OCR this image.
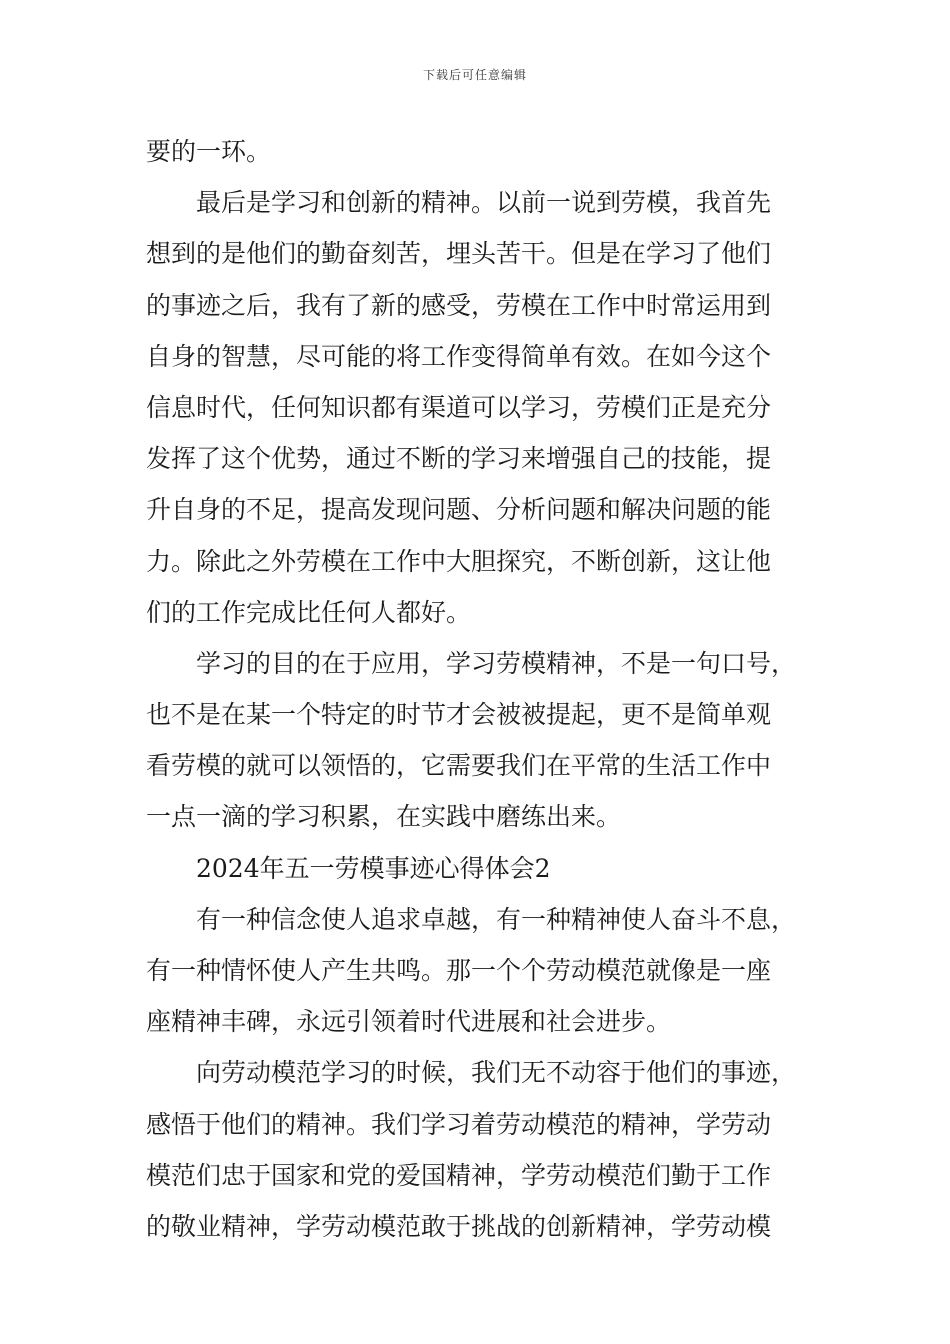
下载后可任意编辑
要的一环。
最后是学习和创新的精神。以前一说到劳模，我首先
想到的是他们的勤奋刻苦，埋头苦干。但是在学习了他们
的事迹之后，我有了新的感受，劳模在工作中时常运用到
自身的智慧，尽可能的将工作变得简单有效。在如今这个
信息时代，任何知识都有渠道可以学习，劳模们正是充分
发挥了这个优势，通过不断的学习来增强自己的技能，提
升自身的不足，提高发现问题、分析问题和解决问题的能
力。除此之外劳模在工作中大胆探究，不断创新，这让他
们的工作完成比任何人都好。
学习的目的在于应用，学习劳模精神，不是一句口号，
也不是在某一个特定的时节才会被被提起，更不是简单观
看劳模的就可以领悟的，它需要我们在平常的生活工作中
一点一滴的学习积累，在实践中磨练出来。
2024年五一劳模事迹心得体会2
有一种信念使人追求卓越，有一种精神使人奋斗不息，
有一种情怀使人产生共鸣。那一个个劳动模范就像是一座
座精神丰碑，永远引领着时代进展和社会进步。
向劳动模范学习的时候，我们无不动容于他们的事迹，
感悟于他们的精神。我们学习着劳动模范的精神，学劳动
模范们忠于国家和党的爱国精神，学劳动模范们勤于工作
的敬业精神，学劳动模范敢于挑战的创新精神，学劳动模
